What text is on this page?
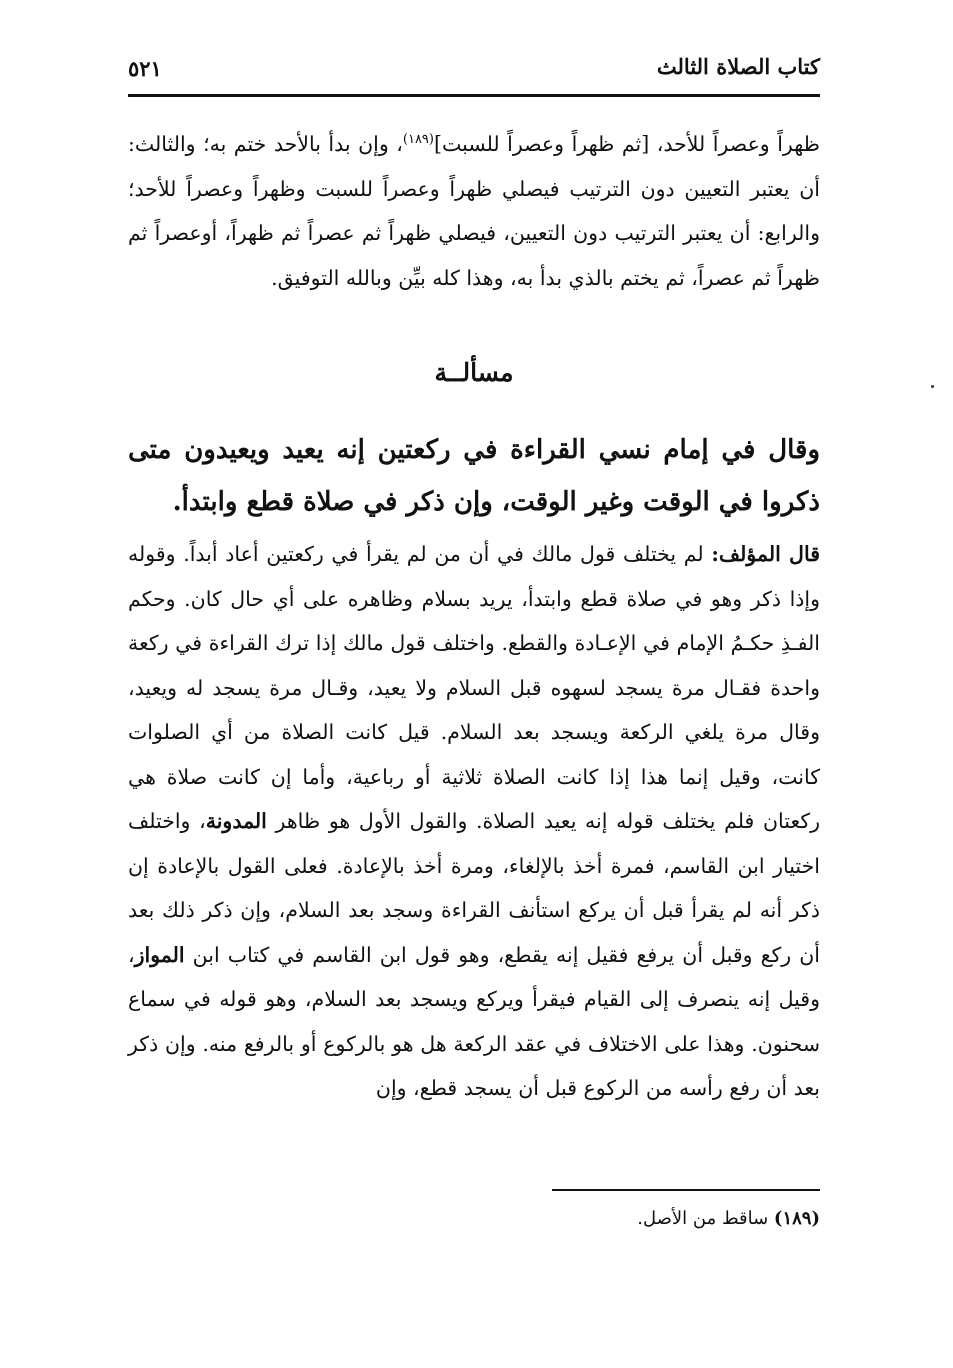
كتاب الصلاة الثالث
٥٢١

ظهراً وعصراً للأحد، [ثم ظهراً وعصراً للسبت]$^{(١٨٩)}$، وإن بدأ بالأحد ختم به؛ والثالث: أن يعتبر التعيين دون الترتيب فيصلي ظهراً وعصراً للسبت وظهراً وعصراً للأحد؛ والرابع: أن يعتبر الترتيب دون التعيين، فيصلي ظهراً ثم عصراً ثم ظهراً، أوعصراً ثم ظهراً ثم عصراً، ثم يختم بالذي بدأ به، وهذا كله بيِّن وبالله التوفيق.

مسألــة

وقال في إمام نسي القراءة في ركعتين إنه يعيد ويعيدون متى ذكروا في الوقت وغير الوقت، وإن ذكر في صلاة قطع وابتدأ.

قال المؤلف: لم يختلف قول مالك في أن من لم يقرأ في ركعتين أعاد أبداً. وقوله وإذا ذكر وهو في صلاة قطع وابتدأ، يريد بسلام وظاهره على أي حال كان. وحكم الفـذِ حكـمُ الإمام في الإعـادة والقطع. واختلف قول مالك إذا ترك القراءة في ركعة واحدة فقـال مرة يسجد لسهوه قبل السلام ولا يعيد، وقـال مرة يسجد له ويعيد، وقال مرة يلغي الركعة ويسجد بعد السلام. قيل كانت الصلاة من أي الصلوات كانت، وقيل إنما هذا إذا كانت الصلاة ثلاثية أو رباعية، وأما إن كانت صلاة هي ركعتان فلم يختلف قوله إنه يعيد الصلاة. والقول الأول هو ظاهر المدونة، واختلف اختيار ابن القاسم، فمرة أخذ بالإلغاء، ومرة أخذ بالإعادة. فعلى القول بالإعادة إن ذكر أنه لم يقرأ قبل أن يركع استأنف القراءة وسجد بعد السلام، وإن ذكر ذلك بعد أن ركع وقبل أن يرفع فقيل إنه يقطع، وهو قول ابن القاسم في كتاب ابن المواز، وقيل إنه ينصرف إلى القيام فيقرأ ويركع ويسجد بعد السلام، وهو قوله في سماع سحنون. وهذا على الاختلاف في عقد الركعة هل هو بالركوع أو بالرفع منه. وإن ذكر بعد أن رفع رأسه من الركوع قبل أن يسجد قطع، وإن

(١٨٩) ساقط من الأصل.
